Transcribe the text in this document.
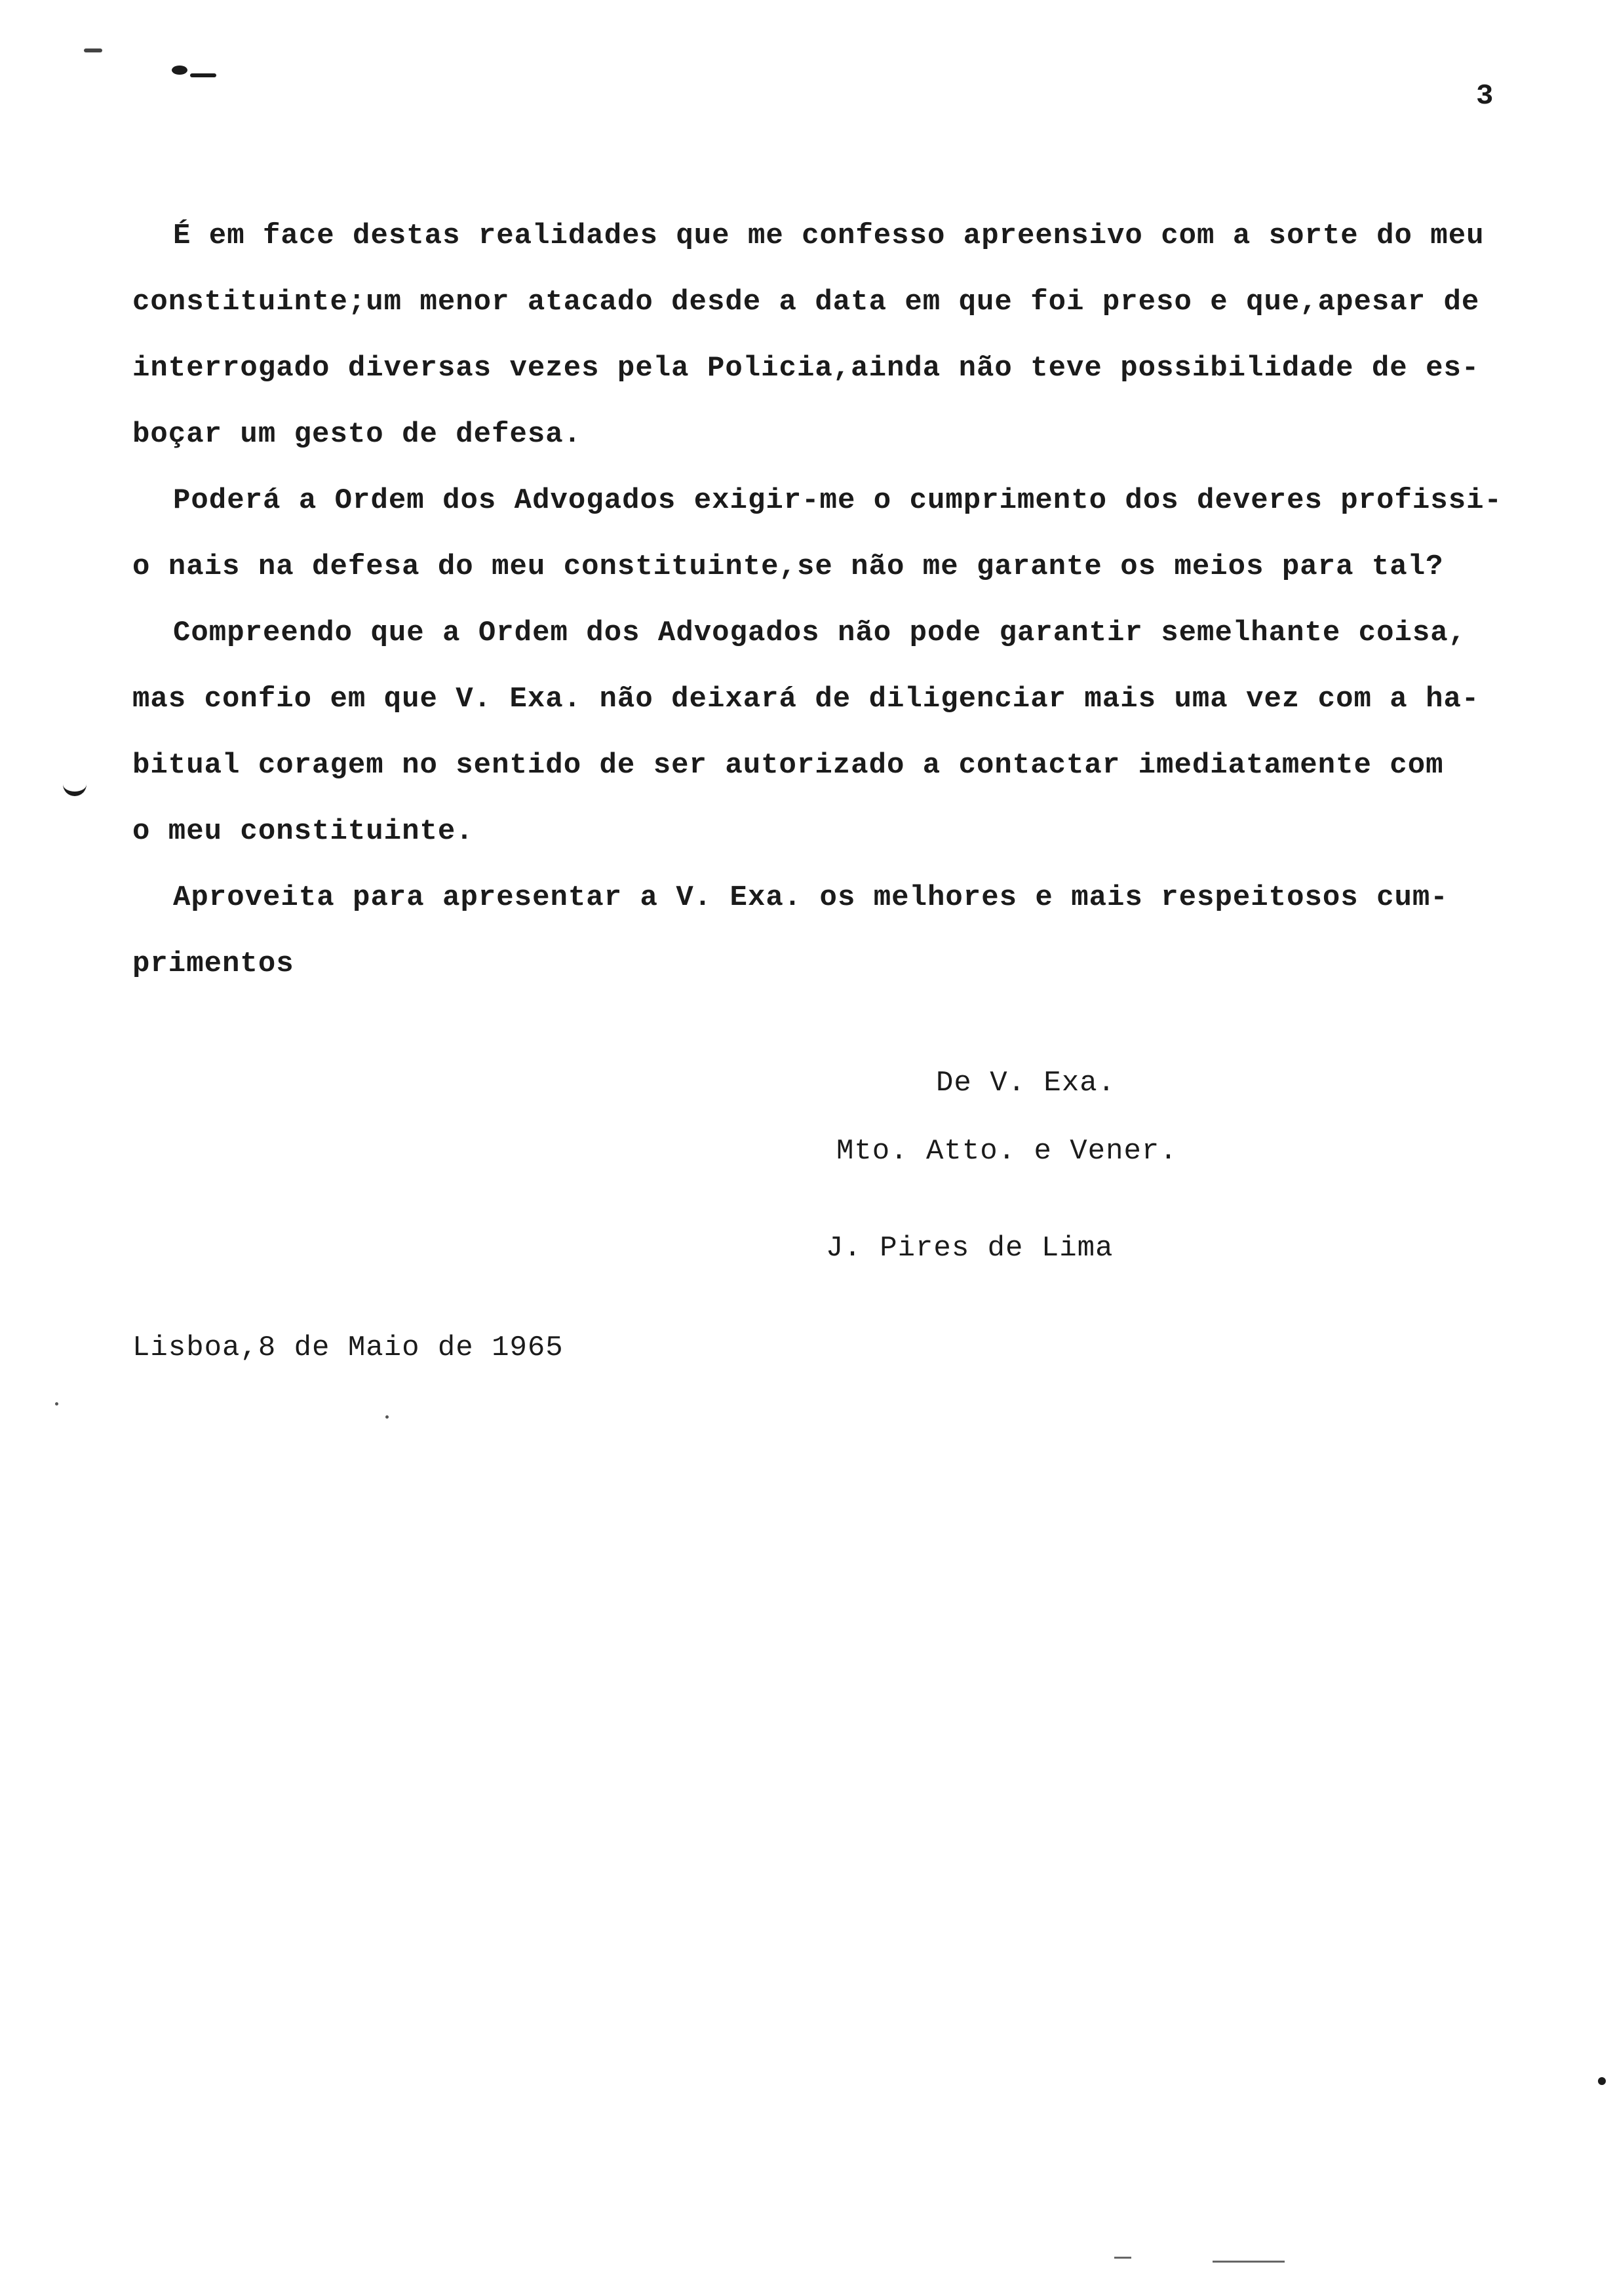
3
É em face destas realidades que me confesso apreensivo com a sorte do meu
constituinte;um menor atacado desde a data em que foi preso e que,apesar de
interrogado diversas vezes pela Policia,ainda não teve possibilidade de es-
boçar um gesto de defesa.
Poderá a Ordem dos Advogados exigir-me o cumprimento dos deveres profissi-
o nais na defesa do meu constituinte,se não me garante os meios para tal?
Compreendo que a Ordem dos Advogados não pode garantir semelhante coisa,
mas confio em que V. Exa. não deixará de diligenciar mais uma vez com a ha-
bitual coragem no sentido de ser autorizado a contactar imediatamente com
o meu constituinte.
Aproveita para apresentar a V. Exa. os melhores e mais respeitosos cum-
primentos
De V. Exa.
Mto. Atto. e Vener.
J. Pires de Lima
Lisboa,8 de Maio de 1965
